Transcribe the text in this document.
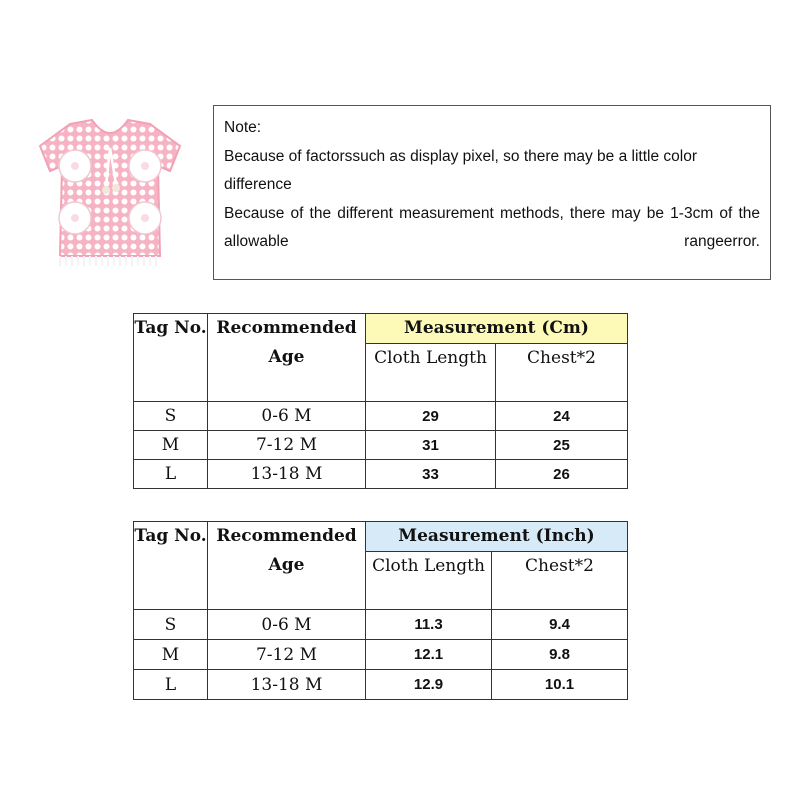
Note:

Because of factorssuch as display pixel, so there may be a little color difference

Because of the different measurement methods, there may be 1-3cm of the allowable rangeerror.

Tag No.	Recommended Age	Measurement (Cm)	
		Cloth Length	Chest*2
S	0-6 M	29	24
M	7-12 M	31	25
L	13-18 M	33	26
Tag No.	Recommended Age	Measurement (Inch)	
		Cloth Length	Chest*2
S	0-6 M	11.3	9.4
M	7-12 M	12.1	9.8
L	13-18 M	12.9	10.1
